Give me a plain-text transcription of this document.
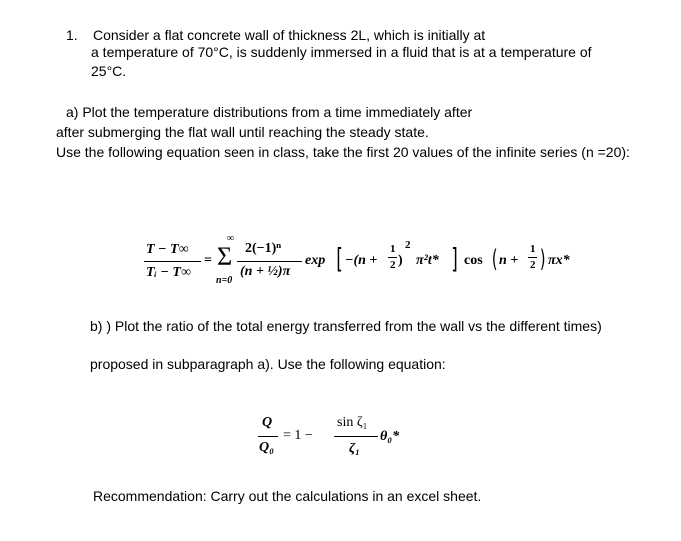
1. Consider a flat concrete wall of thickness 2L, which is initially at
a temperature of 70°C, is suddenly immersed in a fluid that is at a temperature of
25°C.
a) Plot the temperature distributions from a time immediately after
after submerging the flat wall until reaching the steady state.
Use the following equation seen in class, take the first 20 values of the infinite series (n =20):
T − T∞
Tᵢ − T∞
=
∞
Σ
n=0
2(−1)ⁿ
(n + ½)π
exp [ −(n +
1
2 )
2
π²t* ] cos ( n +
1
2 ) πx*
b) ) Plot the ratio of the total energy transferred from the wall vs the different times)
proposed in subparagraph a). Use the following equation:
Q
Q₀
= 1 −
sin ζ₁
ζ₁
θ₀*
Recommendation: Carry out the calculations in an excel sheet.
